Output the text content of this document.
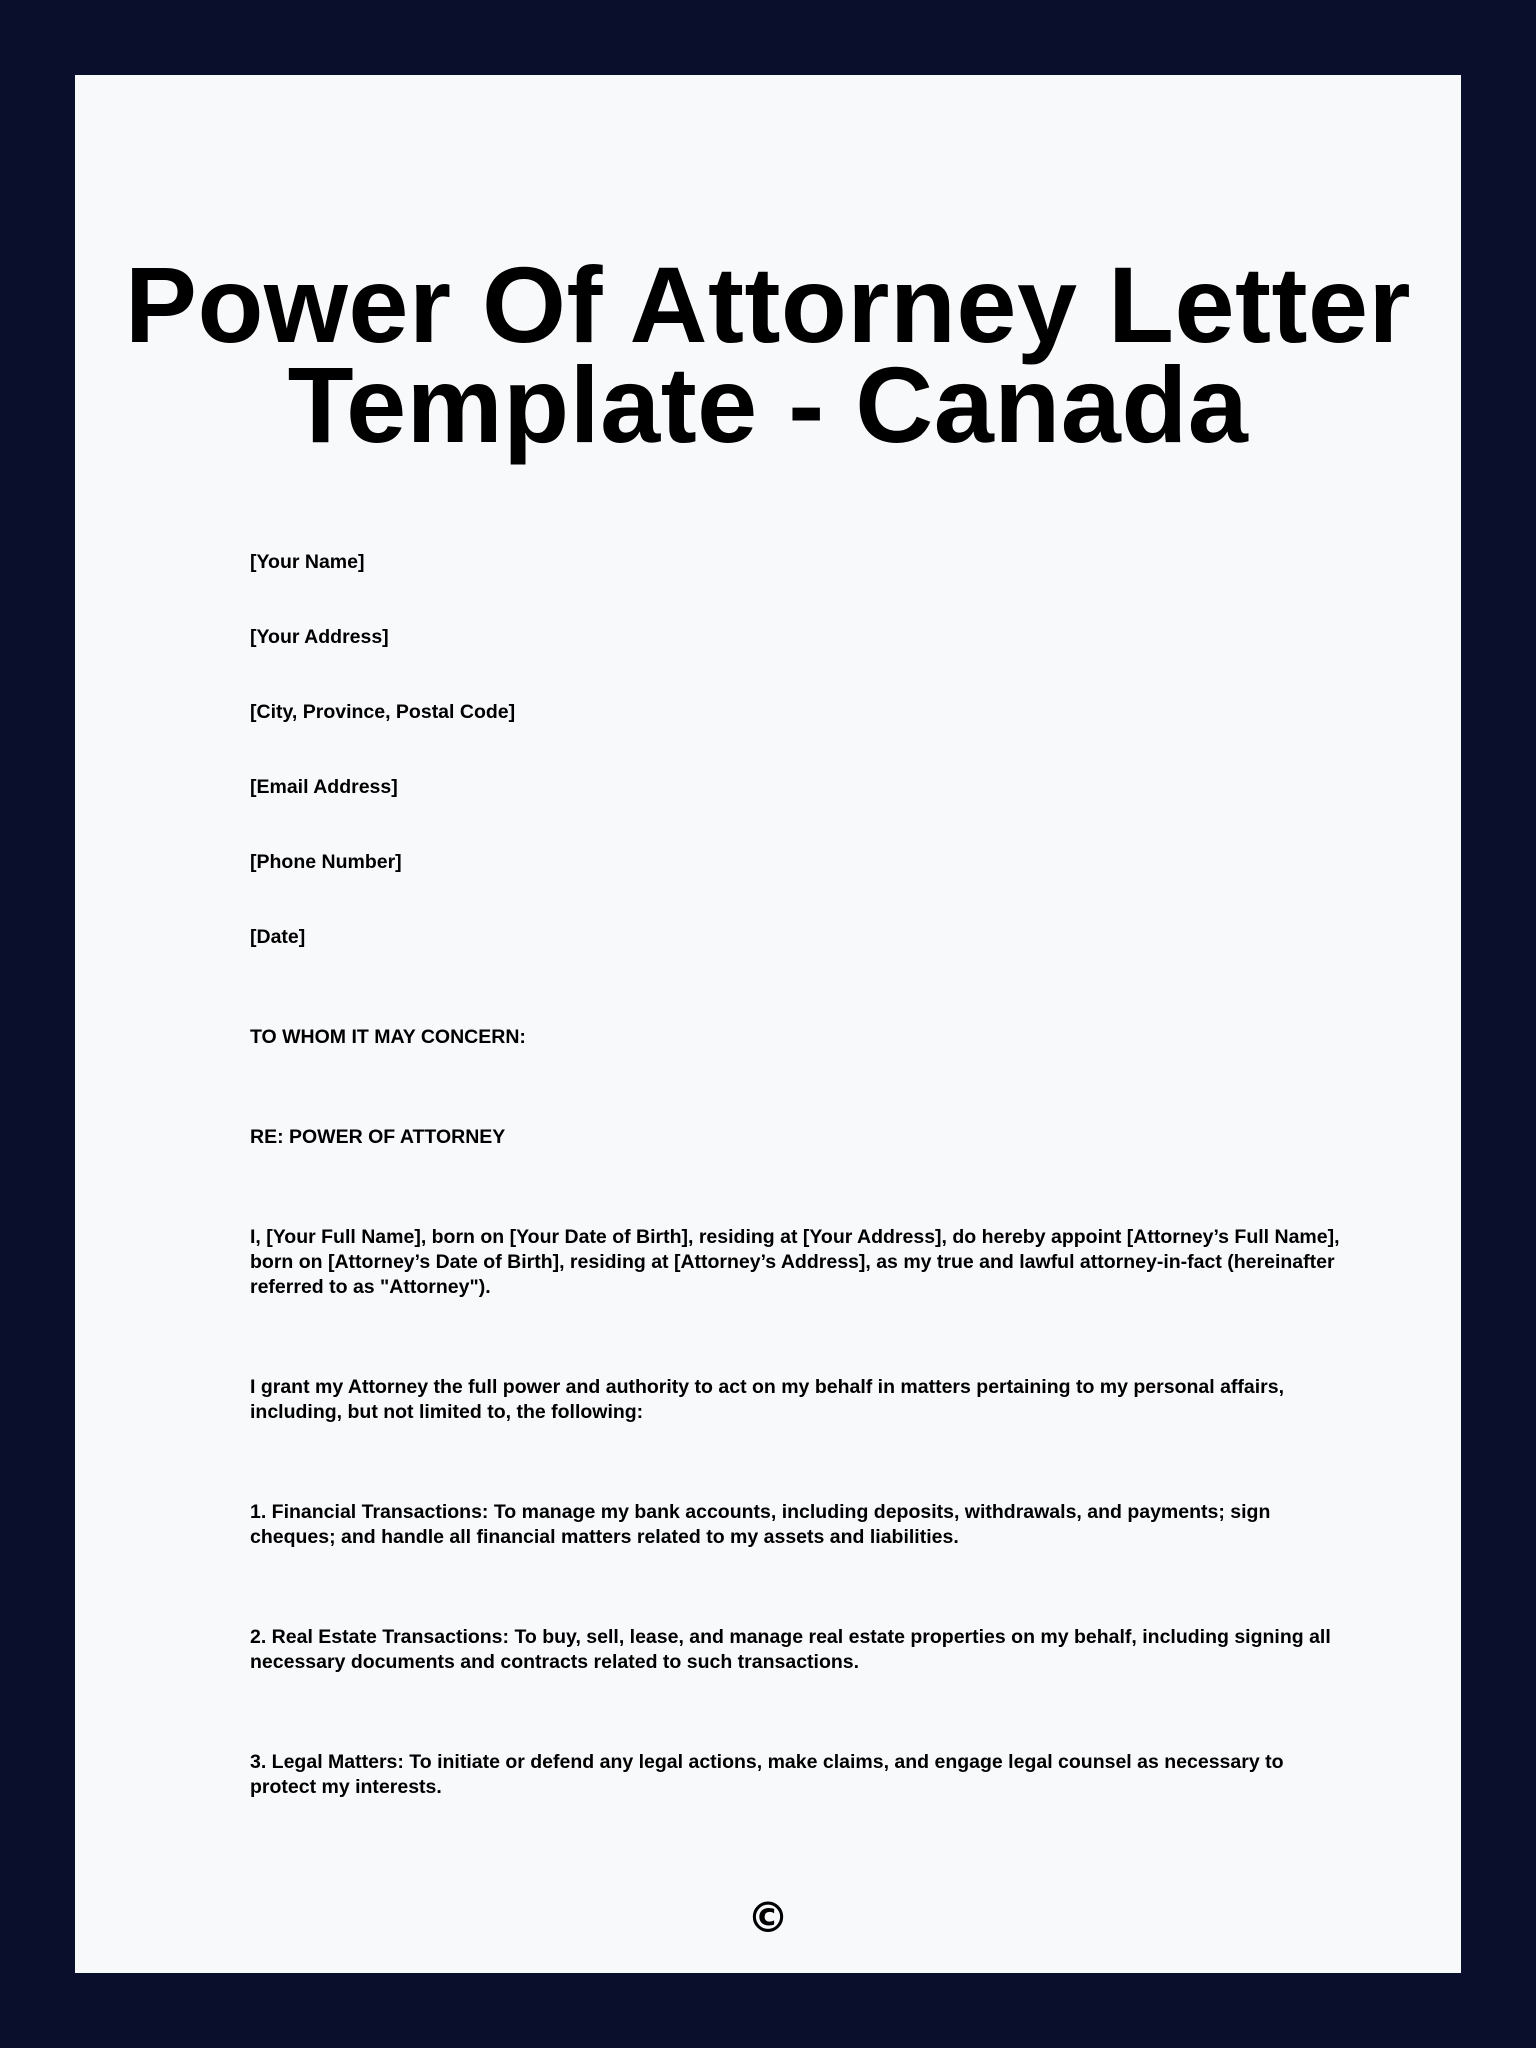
Power Of Attorney Letter
Template - Canada

[Your Name]

[Your Address]

[City, Province, Postal Code]

[Email Address]

[Phone Number]

[Date]

TO WHOM IT MAY CONCERN:

RE: POWER OF ATTORNEY

I, [Your Full Name], born on [Your Date of Birth], residing at [Your Address], do hereby appoint [Attorney’s Full Name], born on [Attorney’s Date of Birth], residing at [Attorney’s Address], as my true and lawful attorney-in-fact (hereinafter referred to as "Attorney").

I grant my Attorney the full power and authority to act on my behalf in matters pertaining to my personal affairs, including, but not limited to, the following:

1. Financial Transactions: To manage my bank accounts, including deposits, withdrawals, and payments; sign cheques; and handle all financial matters related to my assets and liabilities.

2. Real Estate Transactions: To buy, sell, lease, and manage real estate properties on my behalf, including signing all necessary documents and contracts related to such transactions.

3. Legal Matters: To initiate or defend any legal actions, make claims, and engage legal counsel as necessary to protect my interests.

©
